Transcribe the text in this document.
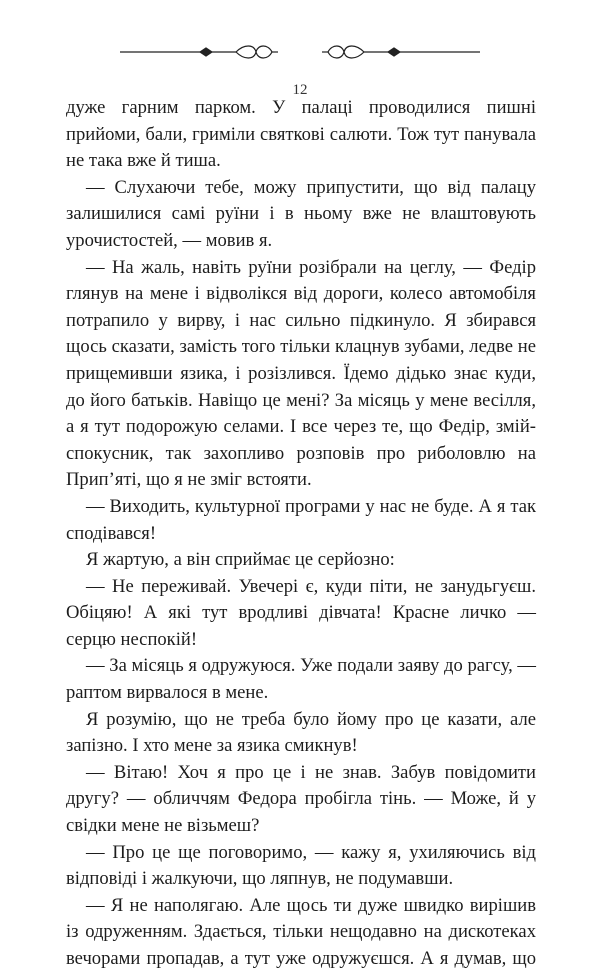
12

дуже гарним парком. У палаці проводилися пишні прийоми, бали, гриміли святкові салюти. Тож тут панувала не така вже й тиша.

— Слухаючи тебе, можу припустити, що від палацу залишилися самі руїни і в ньому вже не влаштовують урочистостей, — мовив я.

— На жаль, навіть руїни розібрали на цеглу, — Федір глянув на мене і відволікся від дороги, колесо автомобіля потрапило у вирву, і нас сильно підкинуло. Я збирався щось сказати, замість того тільки клацнув зубами, ледве не прищемивши язика, і розізлився. Їдемо дідько знає куди, до його батьків. Навіщо це мені? За місяць у мене весілля, а я тут подорожую селами. І все через те, що Федір, змій-спокусник, так захопливо розповів про риболовлю на Прип’яті, що я не зміг встояти.

— Виходить, культурної програми у нас не буде. А я так сподівався!

Я жартую, а він сприймає це серйозно:

— Не переживай. Увечері є, куди піти, не занудьгуєш. Обіцяю! А які тут вродливі дівчата! Красне личко — серцю неспокій!

— За місяць я одружуюся. Уже подали заяву до рагсу, — раптом вирвалося в мене.

Я розумію, що не треба було йому про це казати, але запізно. І хто мене за язика смикнув!

— Вітаю! Хоч я про це і не знав. Забув повідомити другу? — обличчям Федора пробігла тінь. — Може, й у свідки мене не візьмеш?

— Про це ще поговоримо, — кажу я, ухиляючись від відповіді і жалкуючи, що ляпнув, не подумавши.

— Я не наполягаю. Але щось ти дуже швидко вирішив із одруженням. Здається, тільки нещодавно на дискотеках вечорами пропадав, а тут уже одружуєшся. А я думав, що
